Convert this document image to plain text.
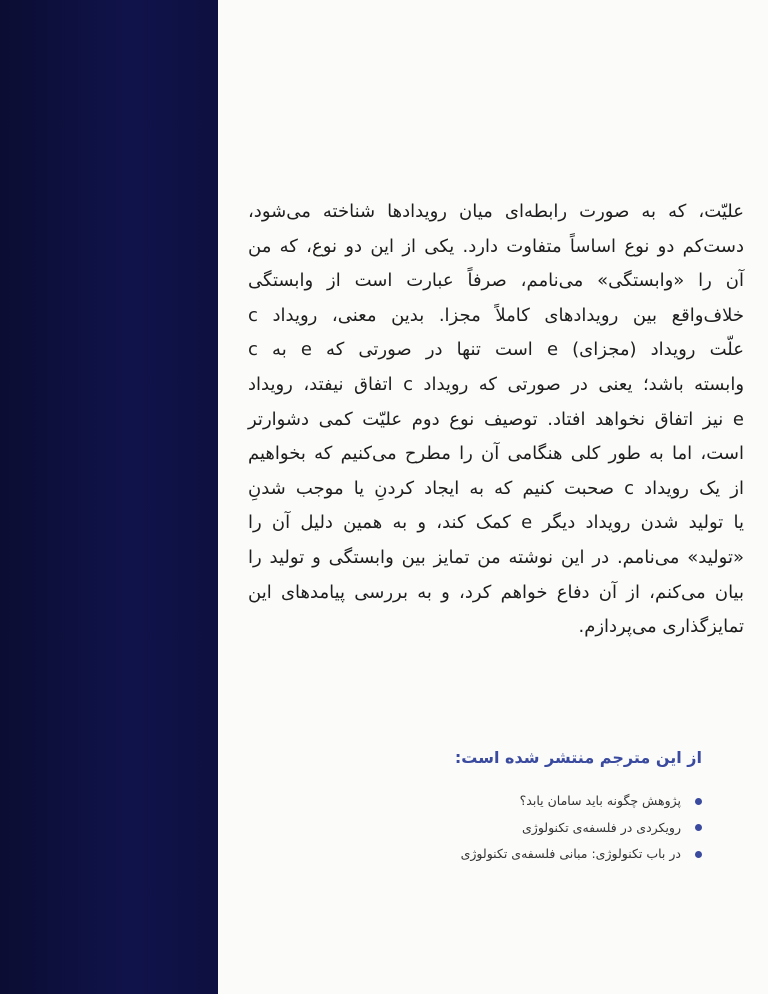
علیّت، که به صورت رابطه‌ای میان رویدادها شناخته می‌شود،
دست‌کم دو نوع اساساً متفاوت دارد. یکی از این دو نوع، که من
آن را «وابستگی» می‌نامم، صرفاً عبارت است از وابستگی
خلاف‌واقع بین رویدادهای کاملاً مجزا. بدین معنی، رویداد c
علّت رویداد (مجزای) e است تنها در صورتی که e به c
وابسته باشد؛ یعنی در صورتی که رویداد c اتفاق نیفتد، رویداد
e نیز اتفاق نخواهد افتاد. توصیف نوع دوم علیّت کمی دشوارتر
است، اما به طور کلی هنگامی آن را مطرح می‌کنیم که بخواهیم
از یک رویداد c صحبت کنیم که به ایجاد کردنِ یا موجب شدنِ
یا تولید شدن رویداد دیگر e کمک کند، و به همین دلیل آن را
«تولید» می‌نامم. در این نوشته من تمایز بین وابستگی و تولید را
بیان می‌کنم، از آن دفاع خواهم کرد، و به بررسی پیامدهای این
تمایزگذاری می‌پردازم.
از این مترجم منتشر شده است:
پژوهش چگونه باید سامان یابد؟
رویکردی در فلسفه‌ی تکنولوژی
در باب تکنولوژی: مبانی فلسفه‌ی تکنولوژی
